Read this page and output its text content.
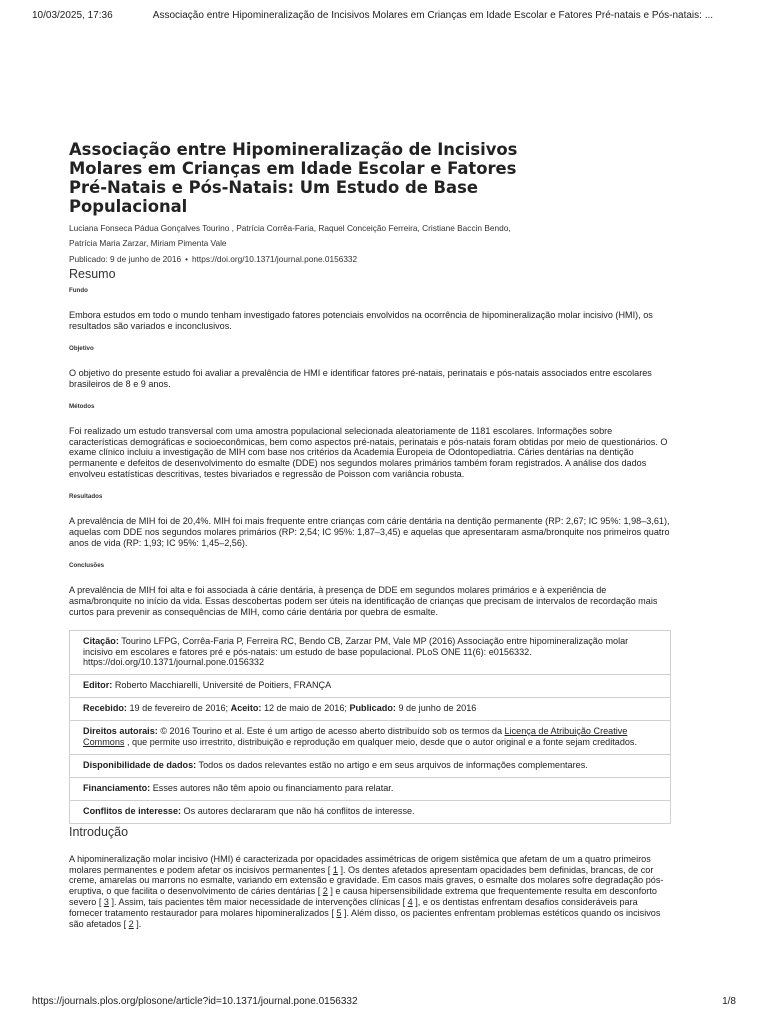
10/03/2025, 17:36	Associação entre Hipomineralização de Incisivos Molares em Crianças em Idade Escolar e Fatores Pré-natais e Pós-natais: ...
Associação entre Hipomineralização de Incisivos Molares em Crianças em Idade Escolar e Fatores Pré-Natais e Pós-Natais: Um Estudo de Base Populacional
Luciana Fonseca Pádua Gonçalves Tourino , Patrícia Corrêa-Faria, Raquel Conceição Ferreira, Cristiane Baccin Bendo,
Patrícia Maria Zarzar, Miriam Pimenta Vale
Publicado: 9 de junho de 2016 • https://doi.org/10.1371/journal.pone.0156332
Resumo
Fundo

Embora estudos em todo o mundo tenham investigado fatores potenciais envolvidos na ocorrência de hipomineralização molar incisivo (HMI), os resultados são variados e inconclusivos.

Objetivo

O objetivo do presente estudo foi avaliar a prevalência de HMI e identificar fatores pré-natais, perinatais e pós-natais associados entre escolares brasileiros de 8 e 9 anos.

Métodos

Foi realizado um estudo transversal com uma amostra populacional selecionada aleatoriamente de 1181 escolares. Informações sobre características demográficas e socioeconômicas, bem como aspectos pré-natais, perinatais e pós-natais foram obtidas por meio de questionários. O exame clínico incluiu a investigação de MIH com base nos critérios da Academia Europeia de Odontopediatria. Cáries dentárias na dentição permanente e defeitos de desenvolvimento do esmalte (DDE) nos segundos molares primários também foram registrados. A análise dos dados envolveu estatísticas descritivas, testes bivariados e regressão de Poisson com variância robusta.

Resultados

A prevalência de MIH foi de 20,4%. MIH foi mais frequente entre crianças com cárie dentária na dentição permanente (RP: 2,67; IC 95%: 1,98–3,61), aquelas com DDE nos segundos molares primários (RP: 2,54; IC 95%: 1,87–3,45) e aquelas que apresentaram asma/bronquite nos primeiros quatro anos de vida (RP: 1,93; IC 95%: 1,45–2,56).

Conclusões

A prevalência de MIH foi alta e foi associada à cárie dentária, à presença de DDE em segundos molares primários e à experiência de asma/bronquite no início da vida. Essas descobertas podem ser úteis na identificação de crianças que precisam de intervalos de recordação mais curtos para prevenir as consequências de MIH, como cárie dentária por quebra de esmalte.

Citação: Tourino LFPG, Corrêa-Faria P, Ferreira RC, Bendo CB, Zarzar PM, Vale MP (2016) Associação entre hipomineralização molar incisivo em escolares e fatores pré e pós-natais: um estudo de base populacional. PLoS ONE 11(6): e0156332. https://doi.org/10.1371/journal.pone.0156332
Editor: Roberto Macchiarelli, Université de Poitiers, FRANÇA
Recebido: 19 de fevereiro de 2016; Aceito: 12 de maio de 2016; Publicado: 9 de junho de 2016
Direitos autorais: © 2016 Tourino et al. Este é um artigo de acesso aberto distribuído sob os termos da Licença de Atribuição Creative Commons , que permite uso irrestrito, distribuição e reprodução em qualquer meio, desde que o autor original e a fonte sejam creditados.
Disponibilidade de dados: Todos os dados relevantes estão no artigo e em seus arquivos de informações complementares.
Financiamento: Esses autores não têm apoio ou financiamento para relatar.
Conflitos de interesse: Os autores declararam que não há conflitos de interesse.
Introdução

A hipomineralização molar incisivo (HMI) é caracterizada por opacidades assimétricas de origem sistêmica que afetam de um a quatro primeiros molares permanentes e podem afetar os incisivos permanentes [ 1 ]. Os dentes afetados apresentam opacidades bem definidas, brancas, de cor creme, amarelas ou marrons no esmalte, variando em extensão e gravidade. Em casos mais graves, o esmalte dos molares sofre degradação pós-eruptiva, o que facilita o desenvolvimento de cáries dentárias [ 2 ] e causa hipersensibilidade extrema que frequentemente resulta em desconforto severo [ 3 ]. Assim, tais pacientes têm maior necessidade de intervenções clínicas [ 4 ], e os dentistas enfrentam desafios consideráveis para fornecer tratamento restaurador para molares hipomineralizados [ 5 ]. Além disso, os pacientes enfrentam problemas estéticos quando os incisivos são afetados [ 2 ].

https://journals.plos.org/plosone/article?id=10.1371/journal.pone.0156332	1/8
